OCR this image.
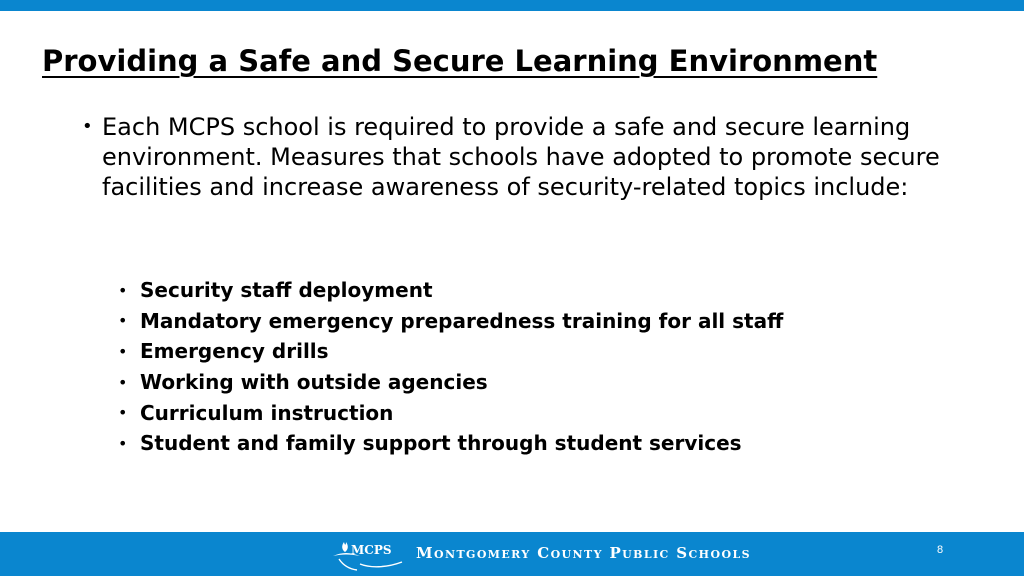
Providing a Safe and Secure Learning Environment
• Each MCPS school is required to provide a safe and secure learning environment. Measures that schools have adopted to promote secure facilities and increase awareness of security-related topics include:
• Security staff deployment
• Mandatory emergency preparedness training for all staff
• Emergency drills
• Working with outside agencies
• Curriculum instruction
• Student and family support through student services
MCPS Montgomery County Public Schools	8
